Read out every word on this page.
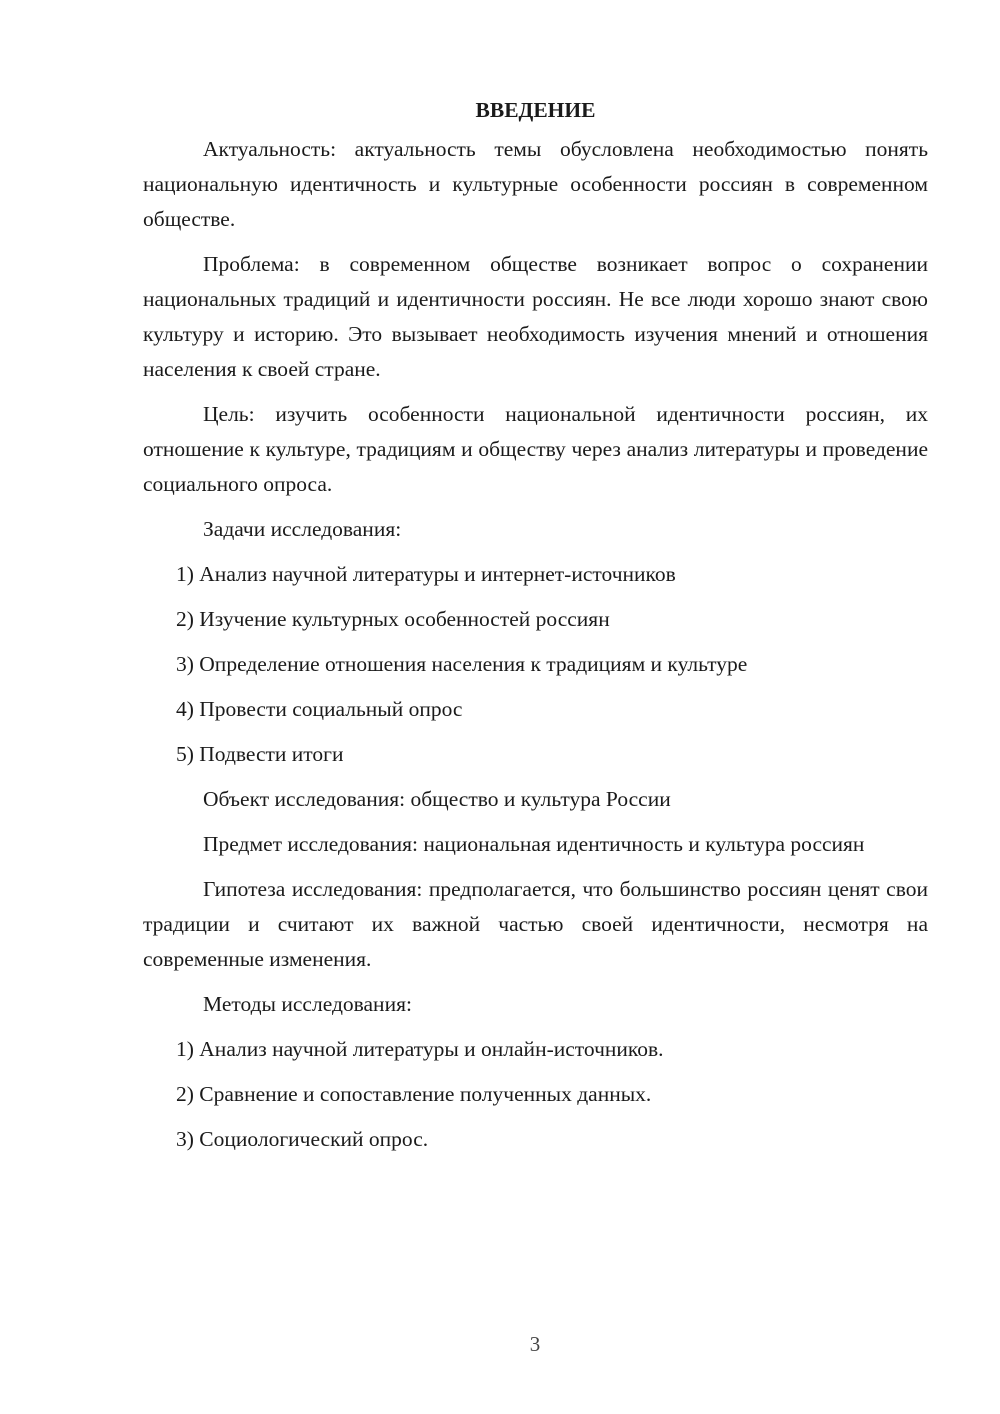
ВВЕДЕНИЕ

Актуальность: актуальность темы обусловлена необходимостью понять национальную идентичность и культурные особенности россиян в современном обществе.

Проблема: в современном обществе возникает вопрос о сохранении национальных традиций и идентичности россиян. Не все люди хорошо знают свою культуру и историю. Это вызывает необходимость изучения мнений и отношения населения к своей стране.

Цель: изучить особенности национальной идентичности россиян, их отношение к культуре, традициям и обществу через анализ литературы и проведение социального опроса.

Задачи исследования:

1) Анализ научной литературы и интернет-источников

2) Изучение культурных особенностей россиян

3) Определение отношения населения к традициям и культуре

4) Провести социальный опрос

5) Подвести итоги

Объект исследования: общество и культура России

Предмет исследования: национальная идентичность и культура россиян

Гипотеза исследования: предполагается, что большинство россиян ценят свои традиции и считают их важной частью своей идентичности, несмотря на современные изменения.

Методы исследования:

1) Анализ научной литературы и онлайн-источников.

2) Сравнение и сопоставление полученных данных.

3) Социологический опрос.

3
